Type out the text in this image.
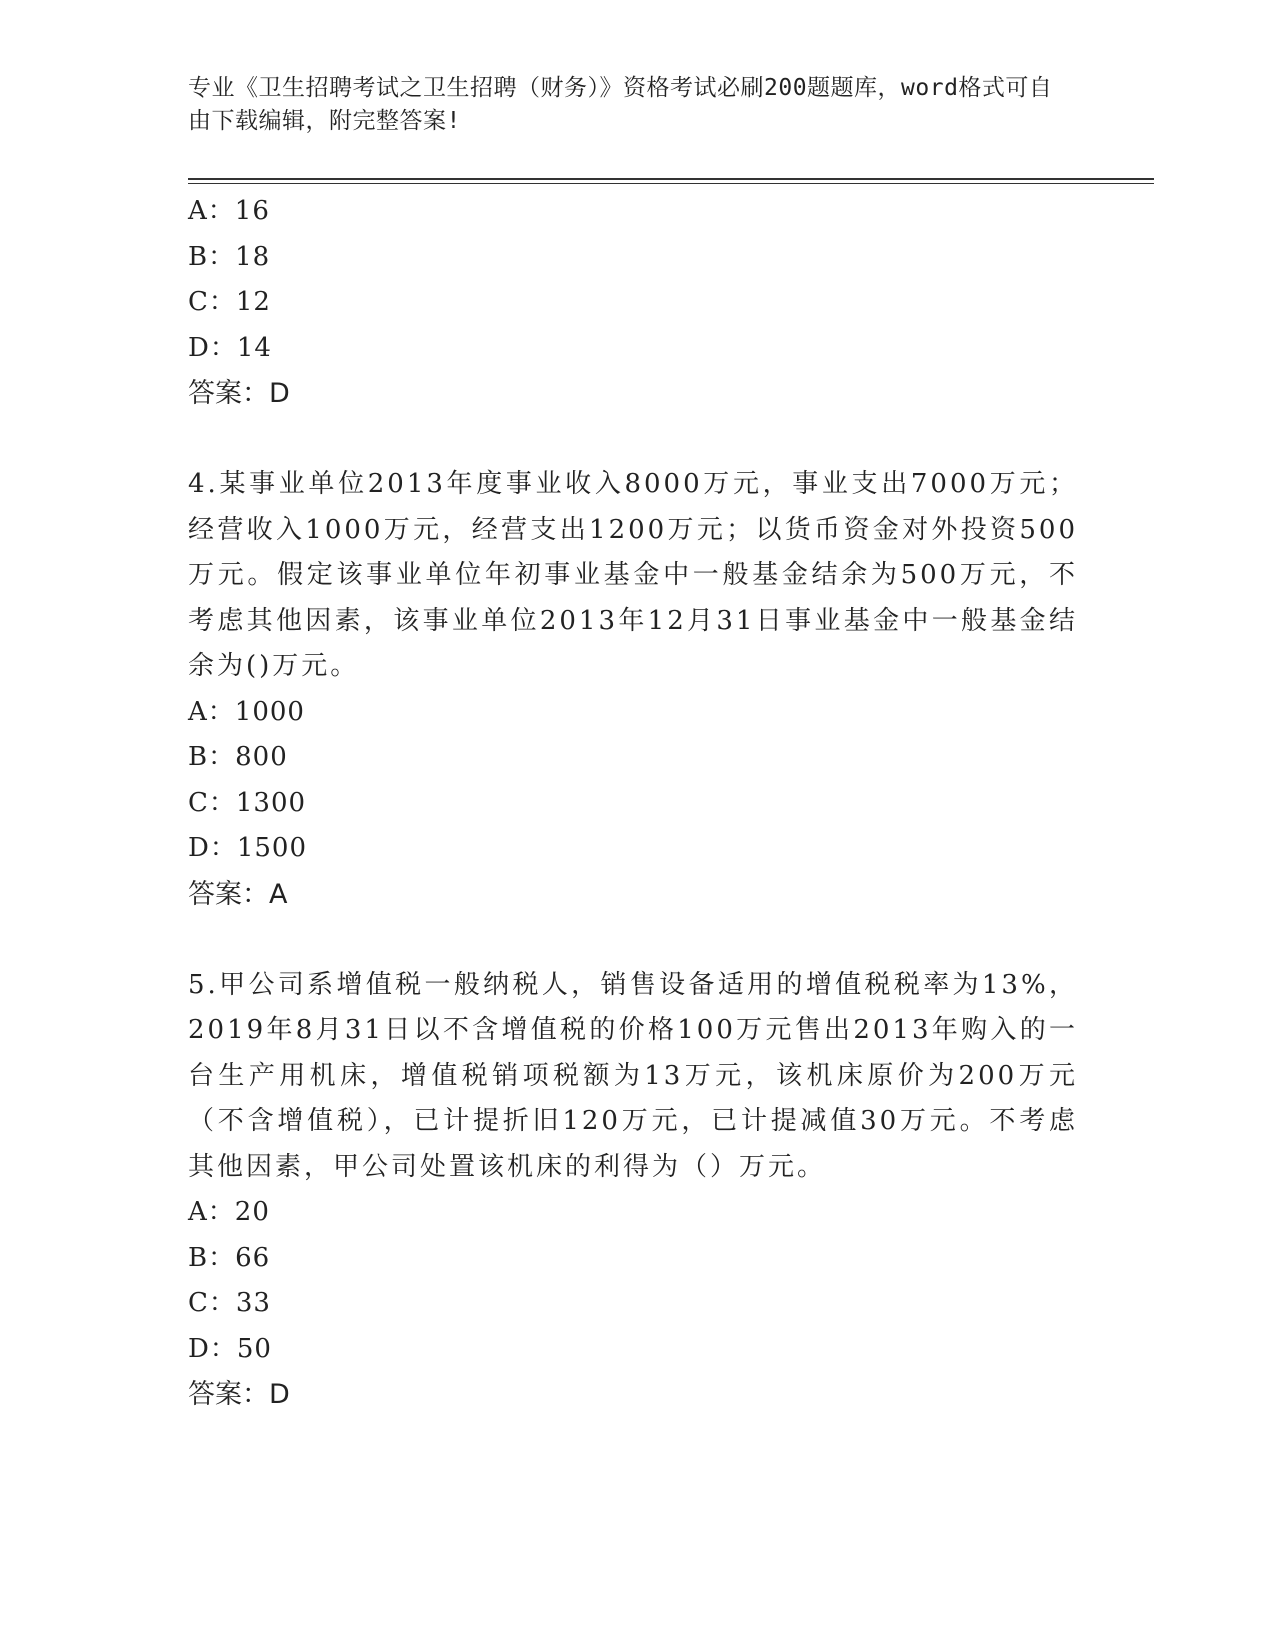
专业《卫生招聘考试之卫生招聘（财务）》资格考试必刷200题题库，word格式可自由下载编辑，附完整答案!
A：16
B：18
C：12
D：14
答案：D
4.某事业单位2013年度事业收入8000万元，事业支出7000万元；经营收入1000万元，经营支出1200万元；以货币资金对外投资500万元。假定该事业单位年初事业基金中一般基金结余为500万元，不考虑其他因素，该事业单位2013年12月31日事业基金中一般基金结余为()万元。
A：1000
B：800
C：1300
D：1500
答案：A
5.甲公司系增值税一般纳税人，销售设备适用的增值税税率为13%，2019年8月31日以不含增值税的价格100万元售出2013年购入的一台生产用机床，增值税销项税额为13万元，该机床原价为200万元（不含增值税），已计提折旧120万元，已计提减值30万元。不考虑其他因素，甲公司处置该机床的利得为（）万元。
A：20
B：66
C：33
D：50
答案：D
